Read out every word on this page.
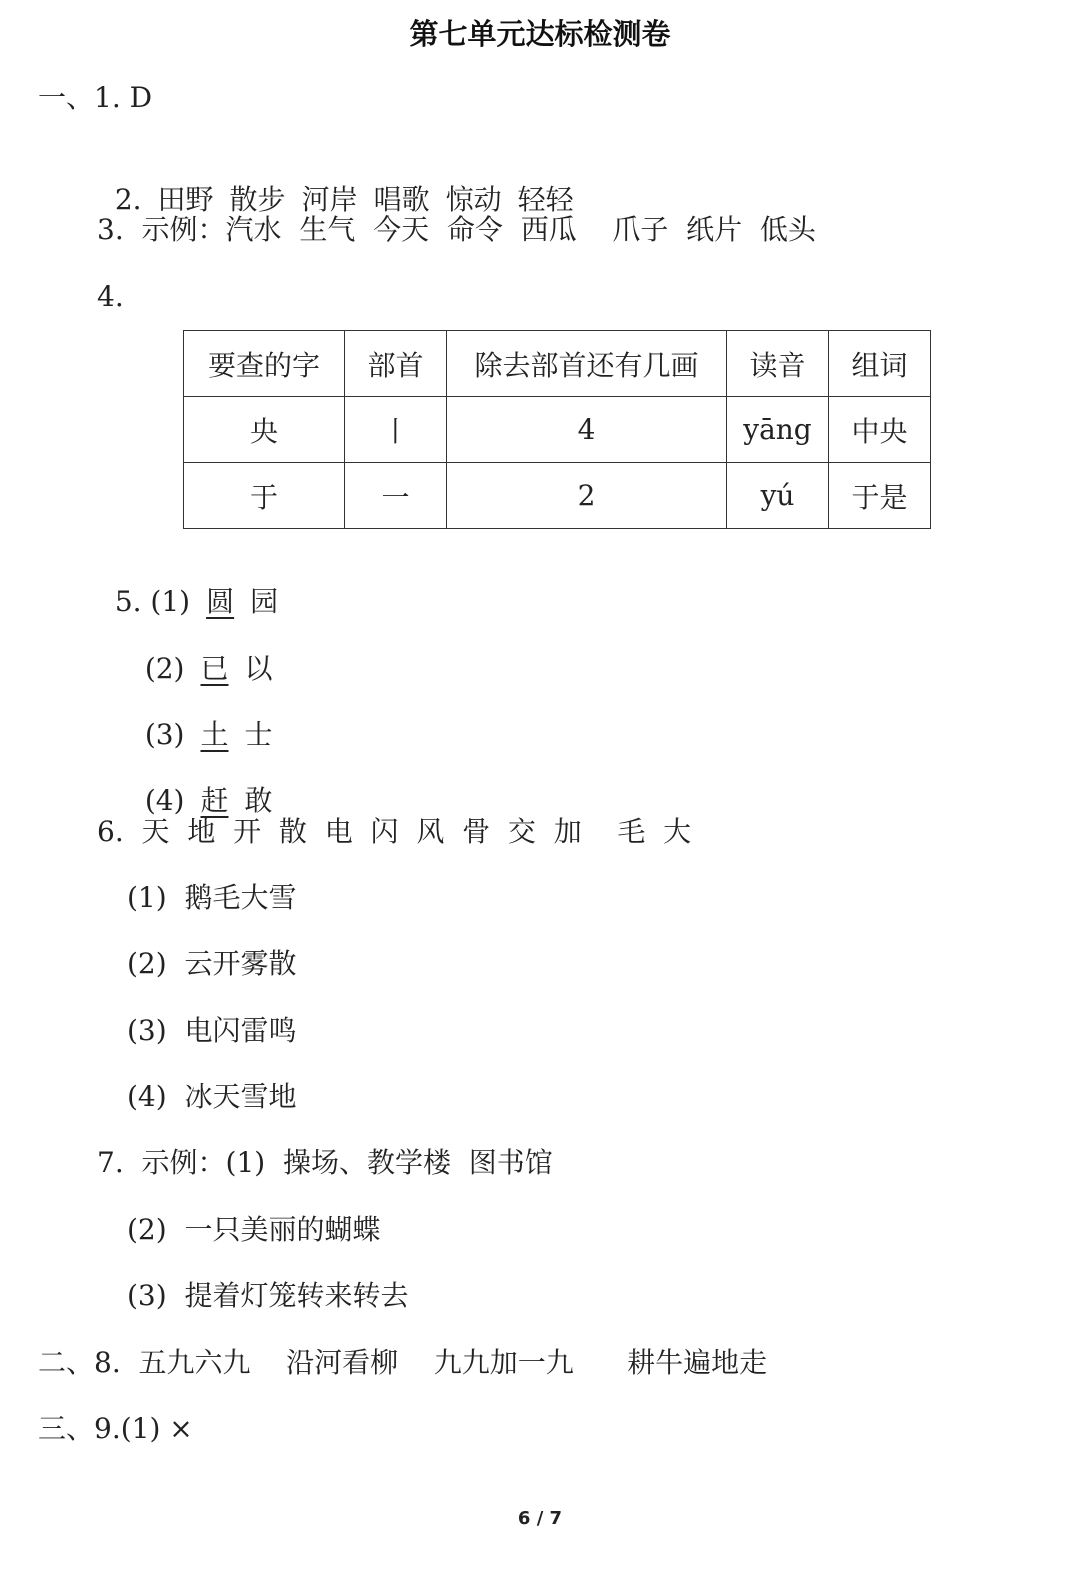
第七单元达标检测卷
一、1. D

2. 田野 散步 河岸 唱歌 惊动 轻轻

3.  示例：汽水  生气  今天  命令  西瓜    爪子  纸片  低头
4.
要查的字	部首	除去部首还有几画	读音	组词
央	丨	4	yāng	中央
于	一	2	yú	于是

5. (1) 圆 园

(2) 已 以

(3) 土 士

(4) 赶 敢

6.  天  地  开  散  电  闪  风  骨  交  加    毛  大
(1)  鹅毛大雪
(2)  云开雾散
(3)  电闪雷鸣
(4)  冰天雪地
7.  示例：(1)  操场、教学楼  图书馆
(2)  一只美丽的蝴蝶
(3)  提着灯笼转来转去
二、8.  五九六九    沿河看柳    九九加一九      耕牛遍地走
三、9.(1) ×
6 / 7
